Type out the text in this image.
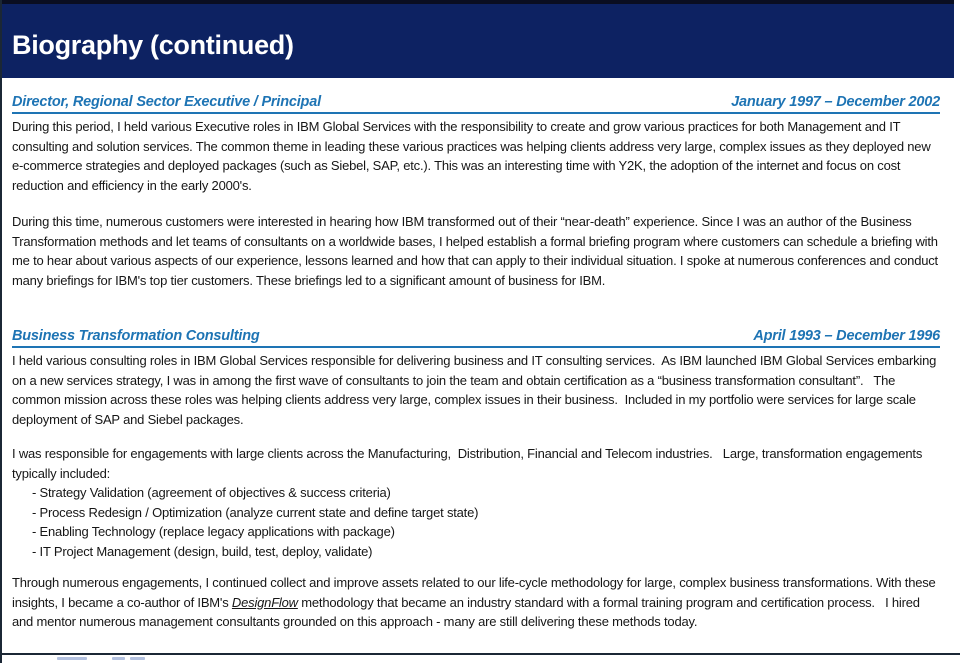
Biography (continued)
Director, Regional Sector Executive / Principal	January 1997 – December 2002

During this period, I held various Executive roles in IBM Global Services with the responsibility to create and grow various practices for both Management and IT consulting and solution services. The common theme in leading these various practices was helping clients address very large, complex issues as they deployed new e-commerce strategies and deployed packages (such as Siebel, SAP, etc.). This was an interesting time with Y2K, the adoption of the internet and focus on cost reduction and efficiency in the early 2000's.

During this time, numerous customers were interested in hearing how IBM transformed out of their “near-death” experience. Since I was an author of the Business Transformation methods and let teams of consultants on a worldwide bases, I helped establish a formal briefing program where customers can schedule a briefing with me to hear about various aspects of our experience, lessons learned and how that can apply to their individual situation. I spoke at numerous conferences and conduct many briefings for IBM's top tier customers. These briefings led to a significant amount of business for IBM.

Business Transformation Consulting	April 1993 – December 1996

I held various consulting roles in IBM Global Services responsible for delivering business and IT consulting services.  As IBM launched IBM Global Services embarking on a new services strategy, I was in among the first wave of consultants to join the team and obtain certification as a “business transformation consultant”.   The common mission across these roles was helping clients address very large, complex issues in their business.  Included in my portfolio were services for large scale deployment of SAP and Siebel packages.

I was responsible for engagements with large clients across the Manufacturing,  Distribution, Financial and Telecom industries.   Large, transformation engagements typically included:

- Strategy Validation (agreement of objectives & success criteria)
- Process Redesign / Optimization (analyze current state and define target state)
- Enabling Technology (replace legacy applications with package)
- IT Project Management (design, build, test, deploy, validate)

Through numerous engagements, I continued collect and improve assets related to our life-cycle methodology for large, complex business transformations. With these insights, I became a co-author of IBM's DesignFlow methodology that became an industry standard with a formal training program and certification process.   I hired and mentor numerous management consultants grounded on this approach - many are still delivering these methods today.
